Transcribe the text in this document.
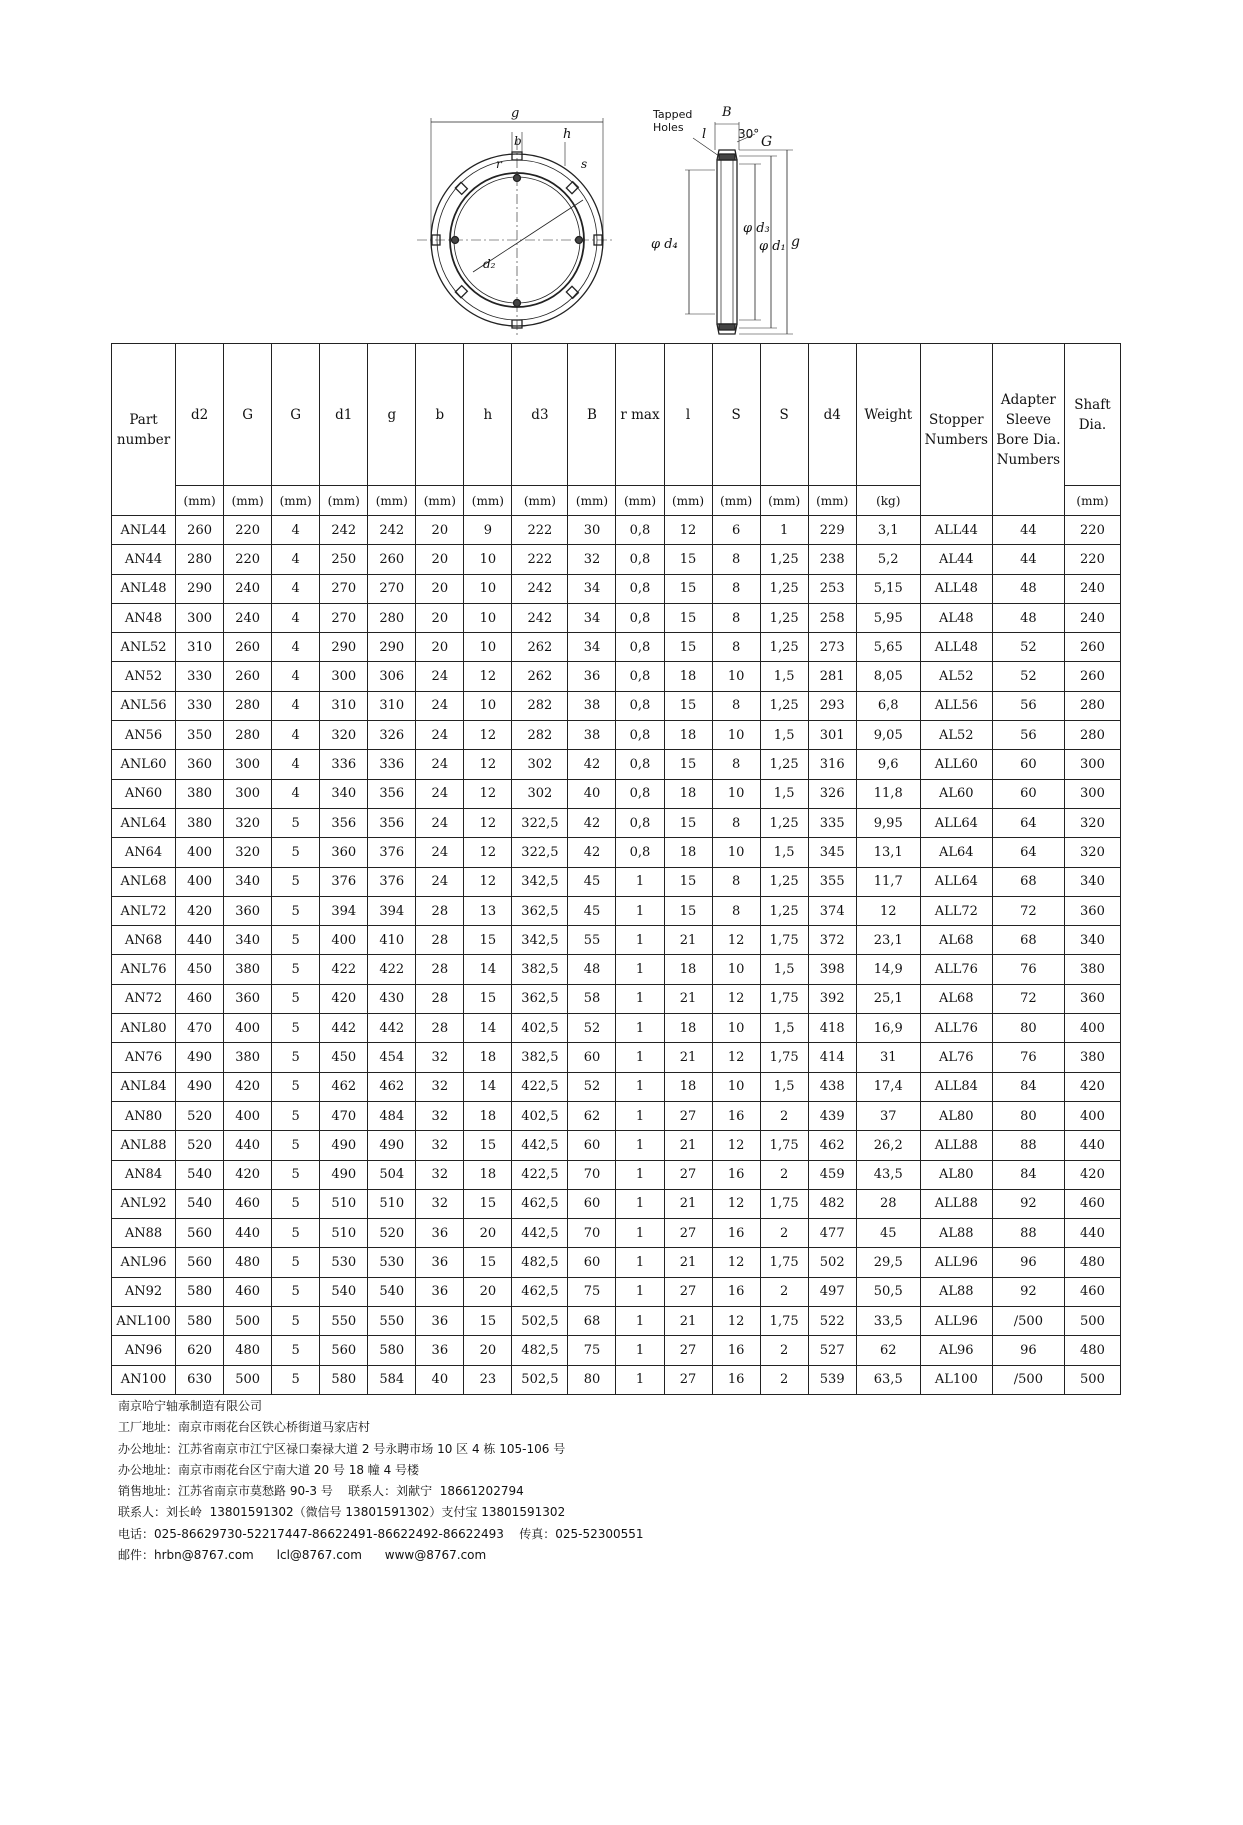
g
b	h
s
r
d₂
Tapped
Holes
B
l	30° G
φ d₄
φ d₃
φ d₁ g
Part number	d2	G	G	d1	g	b	h	d3	B	r max	l	S	S	d4	Weight	Stopper Numbers	Adapter Sleeve Bore Dia. Numbers	Shaft Dia.
	(mm)	(mm)	(mm)	(mm)	(mm)	(mm)	(mm)	(mm)	(mm)	(mm)	(mm)	(mm)	(mm)	(mm)	(kg)			(mm)
ANL44	260	220	4	242	242	20	9	222	30	0,8	12	6	1	229	3,1	ALL44	44	220
AN44	280	220	4	250	260	20	10	222	32	0,8	15	8	1,25	238	5,2	AL44	44	220
ANL48	290	240	4	270	270	20	10	242	34	0,8	15	8	1,25	253	5,15	ALL48	48	240
AN48	300	240	4	270	280	20	10	242	34	0,8	15	8	1,25	258	5,95	AL48	48	240
ANL52	310	260	4	290	290	20	10	262	34	0,8	15	8	1,25	273	5,65	ALL48	52	260
AN52	330	260	4	300	306	24	12	262	36	0,8	18	10	1,5	281	8,05	AL52	52	260
ANL56	330	280	4	310	310	24	10	282	38	0,8	15	8	1,25	293	6,8	ALL56	56	280
AN56	350	280	4	320	326	24	12	282	38	0,8	18	10	1,5	301	9,05	AL52	56	280
ANL60	360	300	4	336	336	24	12	302	42	0,8	15	8	1,25	316	9,6	ALL60	60	300
AN60	380	300	4	340	356	24	12	302	40	0,8	18	10	1,5	326	11,8	AL60	60	300
ANL64	380	320	5	356	356	24	12	322,5	42	0,8	15	8	1,25	335	9,95	ALL64	64	320
AN64	400	320	5	360	376	24	12	322,5	42	0,8	18	10	1,5	345	13,1	AL64	64	320
ANL68	400	340	5	376	376	24	12	342,5	45	1	15	8	1,25	355	11,7	ALL64	68	340
ANL72	420	360	5	394	394	28	13	362,5	45	1	15	8	1,25	374	12	ALL72	72	360
AN68	440	340	5	400	410	28	15	342,5	55	1	21	12	1,75	372	23,1	AL68	68	340
ANL76	450	380	5	422	422	28	14	382,5	48	1	18	10	1,5	398	14,9	ALL76	76	380
AN72	460	360	5	420	430	28	15	362,5	58	1	21	12	1,75	392	25,1	AL68	72	360
ANL80	470	400	5	442	442	28	14	402,5	52	1	18	10	1,5	418	16,9	ALL76	80	400
AN76	490	380	5	450	454	32	18	382,5	60	1	21	12	1,75	414	31	AL76	76	380
ANL84	490	420	5	462	462	32	14	422,5	52	1	18	10	1,5	438	17,4	ALL84	84	420
AN80	520	400	5	470	484	32	18	402,5	62	1	27	16	2	439	37	AL80	80	400
ANL88	520	440	5	490	490	32	15	442,5	60	1	21	12	1,75	462	26,2	ALL88	88	440
AN84	540	420	5	490	504	32	18	422,5	70	1	27	16	2	459	43,5	AL80	84	420
ANL92	540	460	5	510	510	32	15	462,5	60	1	21	12	1,75	482	28	ALL88	92	460
AN88	560	440	5	510	520	36	20	442,5	70	1	27	16	2	477	45	AL88	88	440
ANL96	560	480	5	530	530	36	15	482,5	60	1	21	12	1,75	502	29,5	ALL96	96	480
AN92	580	460	5	540	540	36	20	462,5	75	1	27	16	2	497	50,5	AL88	92	460
ANL100	580	500	5	550	550	36	15	502,5	68	1	21	12	1,75	522	33,5	ALL96	/500	500
AN96	620	480	5	560	580	36	20	482,5	75	1	27	16	2	527	62	AL96	96	480
AN100	630	500	5	580	584	40	23	502,5	80	1	27	16	2	539	63,5	AL100	/500	500
南京哈宁轴承制造有限公司
工厂地址：南京市雨花台区铁心桥街道马家店村
办公地址：江苏省南京市江宁区禄口秦禄大道 2 号永聘市场 10 区 4 栋 105-106 号
办公地址：南京市雨花台区宁南大道 20 号 18 幢 4 号楼
销售地址：江苏省南京市莫愁路 90-3 号    联系人：刘献宁  18661202794
联系人：刘长岭  13801591302（微信号 13801591302）支付宝 13801591302
电话：025-86629730-52217447-86622491-86622492-86622493    传真：025-52300551
邮件：hrbn@8767.com      lcl@8767.com      www@8767.com
